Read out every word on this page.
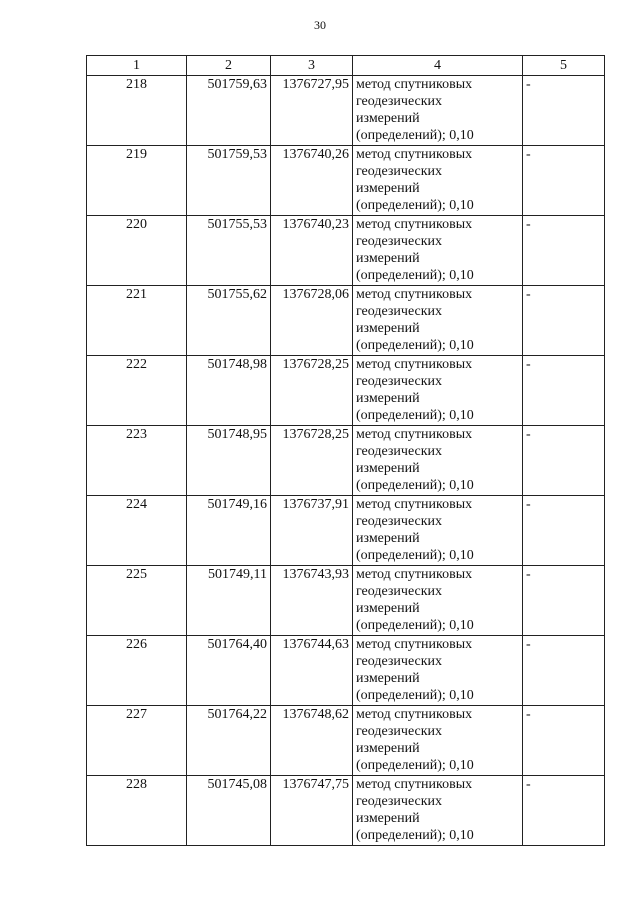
30
1	2	3	4	5
218	501759,63	1376727,95	метод спутниковых
геодезических
измерений
(определений); 0,10	-
219	501759,53	1376740,26	метод спутниковых
геодезических
измерений
(определений); 0,10	-
220	501755,53	1376740,23	метод спутниковых
геодезических
измерений
(определений); 0,10	-
221	501755,62	1376728,06	метод спутниковых
геодезических
измерений
(определений); 0,10	-
222	501748,98	1376728,25	метод спутниковых
геодезических
измерений
(определений); 0,10	-
223	501748,95	1376728,25	метод спутниковых
геодезических
измерений
(определений); 0,10	-
224	501749,16	1376737,91	метод спутниковых
геодезических
измерений
(определений); 0,10	-
225	501749,11	1376743,93	метод спутниковых
геодезических
измерений
(определений); 0,10	-
226	501764,40	1376744,63	метод спутниковых
геодезических
измерений
(определений); 0,10	-
227	501764,22	1376748,62	метод спутниковых
геодезических
измерений
(определений); 0,10	-
228	501745,08	1376747,75	метод спутниковых
геодезических
измерений
(определений); 0,10	-
